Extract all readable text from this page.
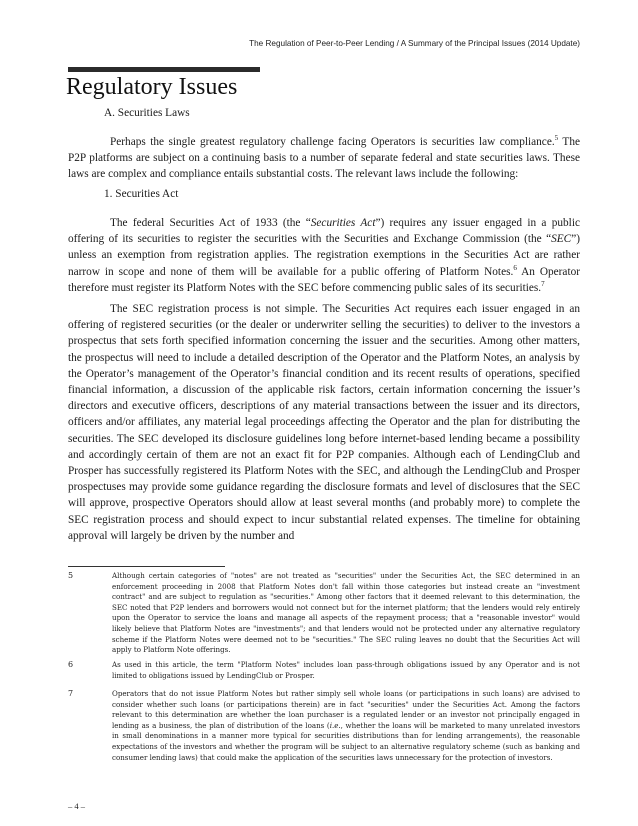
The Regulation of Peer-to-Peer Lending / A Summary of the Principal Issues (2014 Update)
Regulatory Issues
A. Securities Laws

Perhaps the single greatest regulatory challenge facing Operators is securities law compliance.$^5$ The P2P platforms are subject on a continuing basis to a number of separate federal and state securities laws. These laws are complex and compliance entails substantial costs. The relevant laws include the following:

1. Securities Act

The federal Securities Act of 1933 (the “Securities Act”) requires any issuer engaged in a public offering of its securities to register the securities with the Securities and Exchange Commission (the “SEC”) unless an exemption from registration applies. The registration exemptions in the Securities Act are rather narrow in scope and none of them will be available for a public offering of Platform Notes.$^6$ An Operator therefore must register its Platform Notes with the SEC before commencing public sales of its securities.$^7$

The SEC registration process is not simple. The Securities Act requires each issuer engaged in an offering of registered securities (or the dealer or underwriter selling the securities) to deliver to the investors a prospectus that sets forth specified information concerning the issuer and the securities. Among other matters, the prospectus will need to include a detailed description of the Operator and the Platform Notes, an analysis by the Operator’s management of the Operator’s financial condition and its recent results of operations, specified financial information, a discussion of the applicable risk factors, certain information concerning the issuer’s directors and executive officers, descriptions of any material transactions between the issuer and its directors, officers and/or affiliates, any material legal proceedings affecting the Operator and the plan for distributing the securities. The SEC developed its disclosure guidelines long before internet-based lending became a possibility and accordingly certain of them are not an exact fit for P2P companies. Although each of LendingClub and Prosper has successfully registered its Platform Notes with the SEC, and although the LendingClub and Prosper prospectuses may provide some guidance regarding the disclosure formats and level of disclosures that the SEC will approve, prospective Operators should allow at least several months (and probably more) to complete the SEC registration process and should expect to incur substantial related expenses. The timeline for obtaining approval will largely be driven by the number and

5	Although certain categories of "notes" are not treated as "securities" under the Securities Act, the SEC determined in an enforcement proceeding in 2008 that Platform Notes don't fall within those categories but instead create an "investment contract" and are subject to regulation as "securities." Among other factors that it deemed relevant to this determination, the SEC noted that P2P lenders and borrowers would not connect but for the internet platform; that the lenders would rely entirely upon the Operator to service the loans and manage all aspects of the repayment process; that a "reasonable investor" would likely believe that Platform Notes are "investments"; and that lenders would not be protected under any alternative regulatory scheme if the Platform Notes were deemed not to be "securities." The SEC ruling leaves no doubt that the Securities Act will apply to Platform Note offerings.

6	As used in this article, the term "Platform Notes" includes loan pass-through obligations issued by any Operator and is not limited to obligations issued by LendingClub or Prosper.

7	Operators that do not issue Platform Notes but rather simply sell whole loans (or participations in such loans) are advised to consider whether such loans (or participations therein) are in fact "securities" under the Securities Act. Among the factors relevant to this determination are whether the loan purchaser is a regulated lender or an investor not principally engaged in lending as a business, the plan of distribution of the loans (i.e., whether the loans will be marketed to many unrelated investors in small denominations in a manner more typical for securities distributions than for lending arrangements), the reasonable expectations of the investors and whether the program will be subject to an alternative regulatory scheme (such as banking and consumer lending laws) that could make the application of the securities laws unnecessary for the protection of investors.

– 4 –
